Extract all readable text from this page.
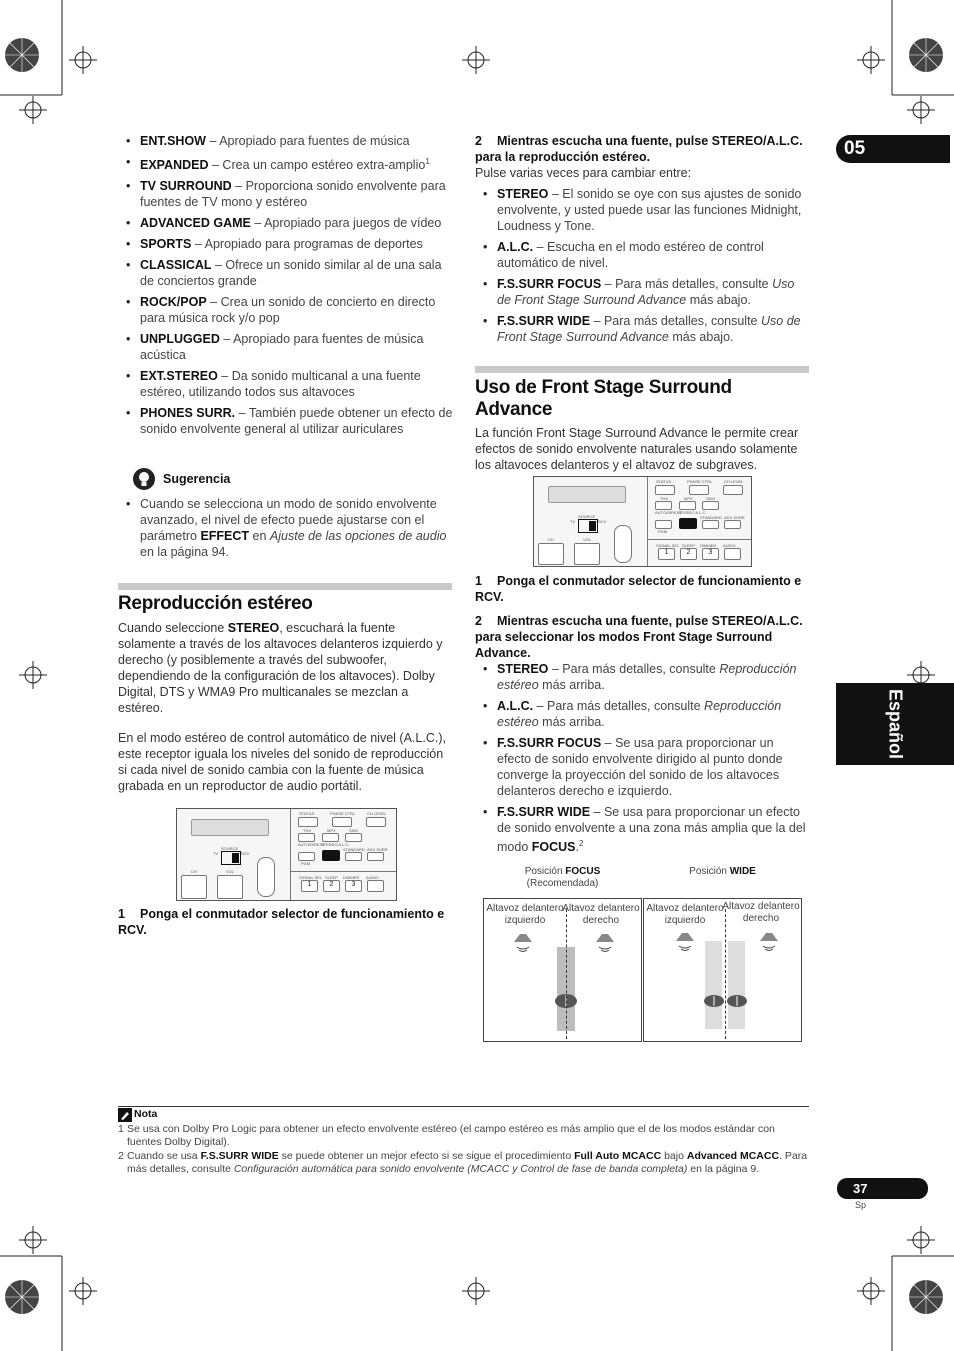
05
Español
• ENT.SHOW – Apropiado para fuentes de música
• EXPANDED – Crea un campo estéreo extra-amplio$^1$
• TV SURROUND – Proporciona sonido envolvente para fuentes de TV mono y estéreo
• ADVANCED GAME – Apropiado para juegos de vídeo
• SPORTS – Apropiado para programas de deportes
• CLASSICAL – Ofrece un sonido similar al de una sala de conciertos grande
• ROCK/POP – Crea un sonido de concierto en directo para música rock y/o pop
• UNPLUGGED – Apropiado para fuentes de música acústica
• EXT.STEREO – Da sonido multicanal a una fuente estéreo, utilizando todos sus altavoces
• PHONES SURR. – También puede obtener un efecto de sonido envolvente general al utilizar auriculares
Sugerencia
• Cuando se selecciona un modo de sonido envolvente avanzado, el nivel de efecto puede ajustarse con el parámetro EFFECT en Ajuste de las opciones de audio en la página 94.
Reproducción estéreo

Cuando seleccione STEREO, escuchará la fuente solamente a través de los altavoces delanteros izquierdo y derecho (y posiblemente a través del subwoofer, dependiendo de la configuración de los altavoces). Dolby Digital, DTS y WMA9 Pro multicanales se mezclan a estéreo.

En el modo estéreo de control automático de nivel (A.L.C.), este receptor iguala los niveles del sonido de reproducción si cada nivel de sonido cambia con la fuente de música grabada en un reproductor de audio portátil.

STATUS	PHASE CTRL	CH LEVEL
THX	MPX	SSM
AUTO/DIRECT
STEREO A.L.C.
STANDARD ADV SURR
PGM
SIGNAL SEL SLEEP DIMMER AUDIO
1	2	3
SOURCE
TV	RCV
CH	VOL
1 Ponga el conmutador selector de funcionamiento e RCV.
2 Mientras escucha una fuente, pulse STEREO/A.L.C. para la reproducción estéreo.
Pulse varias veces para cambiar entre:
• STEREO – El sonido se oye con sus ajustes de sonido envolvente, y usted puede usar las funciones Midnight, Loudness y Tone.
• A.L.C. – Escucha en el modo estéreo de control automático de nivel.
• F.S.SURR FOCUS – Para más detalles, consulte Uso de Front Stage Surround Advance más abajo.
• F.S.SURR WIDE – Para más detalles, consulte Uso de Front Stage Surround Advance más abajo.
Uso de Front Stage Surround Advance

La función Front Stage Surround Advance le permite crear efectos de sonido envolvente naturales usando solamente los altavoces delanteros y el altavoz de subgraves.

STATUS	PHASE CTRL	CH LEVEL
THX	MPX	SSM
AUTO/DIRECT
STEREO A.L.C.
STANDARD ADV SURR
PGM
SIGNAL SEL SLEEP DIMMER AUDIO
1	2	3
SOURCE
TV	RCV
CH	VOL
1 Ponga el conmutador selector de funcionamiento e RCV.
2 Mientras escucha una fuente, pulse STEREO/A.L.C. para seleccionar los modos Front Stage Surround Advance.
• STEREO – Para más detalles, consulte Reproducción estéreo más arriba.
• A.L.C. – Para más detalles, consulte Reproducción estéreo más arriba.
• F.S.SURR FOCUS – Se usa para proporcionar un efecto de sonido envolvente dirigido al punto donde converge la proyección del sonido de los altavoces delanteros derecho e izquierdo.
• F.S.SURR WIDE – Se usa para proporcionar un efecto de sonido envolvente a una zona más amplia que la del modo FOCUS.$^2$
Posición FOCUS
(Recomendada)
Posición WIDE
Altavoz delantero izquierdo
Altavoz delantero derecho
Altavoz delantero izquierdo
Altavoz delantero derecho
Nota
1 Se usa con Dolby Pro Logic para obtener un efecto envolvente estéreo (el campo estéreo es más amplio que el de los modos estándar con fuentes Dolby Digital).
2 Cuando se usa F.S.SURR WIDE se puede obtener un mejor efecto si se sigue el procedimiento Full Auto MCACC bajo Advanced MCACC. Para más detalles, consulte Configuración automática para sonido envolvente (MCACC y Control de fase de banda completa) en la página 9.
37
Sp
